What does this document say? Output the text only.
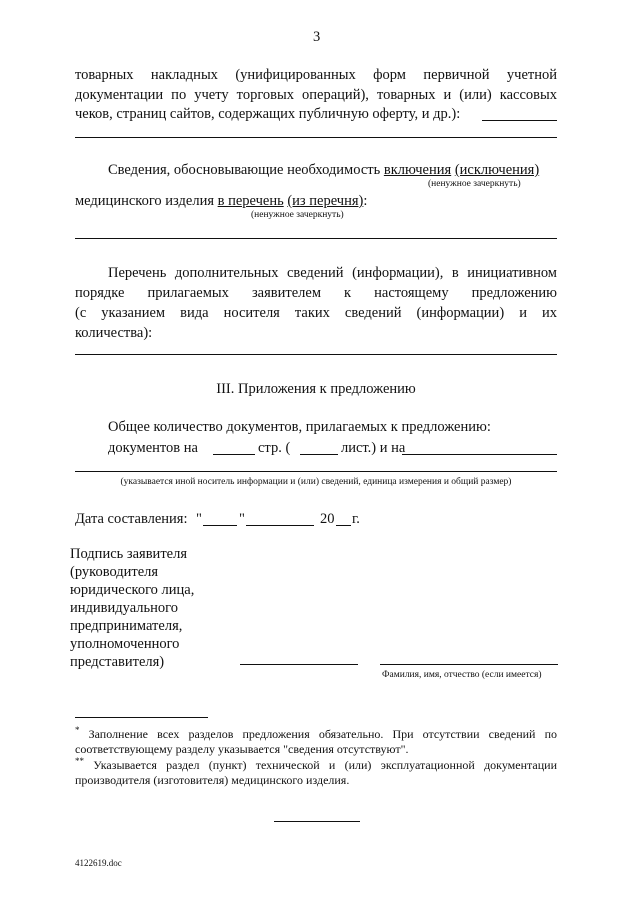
3
товарных накладных (унифицированных форм первичной учетной
документации по учету торговых операций), товарных и (или) кассовых
чеков, страниц сайтов, содержащих публичную оферту, и др.):
Сведения, обосновывающие необходимость включения (исключения)
(ненужное зачеркнуть)
медицинского изделия в перечень (из перечня):
(ненужное зачеркнуть)
Перечень дополнительных сведений (информации), в инициативном
порядке прилагаемых заявителем к настоящему предложению
(с указанием вида носителя таких сведений (информации) и их
количества):
III. Приложения к предложению
Общее количество документов, прилагаемых к предложению:
документов на	стр. (	лист.) и на
(указывается иной носитель информации и (или) сведений, единица измерения и общий размер)
Дата составления: "	"	20 г.
Подпись заявителя
(руководителя
юридического лица,
индивидуального
предпринимателя,
уполномоченного
представителя)
Фамилия, имя, отчество (если имеется)
* Заполнение всех разделов предложения обязательно. При отсутствии сведений по
соответствующему разделу указывается "сведения отсутствуют".
** Указывается раздел (пункт) технической и (или) эксплуатационной документации
производителя (изготовителя) медицинского изделия.
4122619.doc
